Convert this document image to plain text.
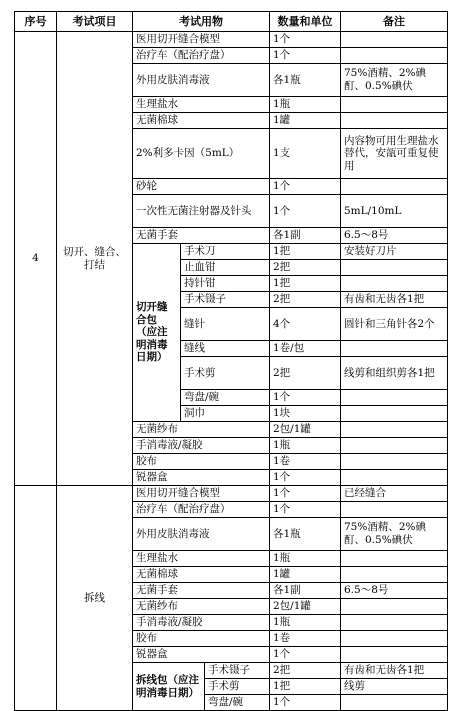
序号	考试项目	考试用物			数量和单位	备注
4	切开、缝合、打结	医用切开缝合模型			1个	
		治疗车（配治疗盘）			1个	
		外用皮肤消毒液			各1瓶	75%酒精、2%碘酊、0.5%碘伏
		生理盐水			1瓶	
		无菌棉球			1罐	
		2%利多卡因（5mL）			1支	内容物可用生理盐水替代，安瓿可重复使用
		砂轮			1个	
		一次性无菌注射器及针头			1个	5mL/10mL
		无菌手套			各1副	6.5～8号
		切开缝合包（应注明消毒日期）	手术刀		1把	安装好刀片
			止血钳		2把	
			持针钳		1把	
			手术镊子		2把	有齿和无齿各1把
			缝针		4个	圆针和三角针各2个
			缝线		1卷/包	
			手术剪		2把	线剪和组织剪各1把
			弯盘/碗		1个	
			洞巾		1块	
		无菌纱布			2包/1罐	
		手消毒液/凝胶			1瓶	
		胶布			1卷	
		锐器盒			1个	
	拆线	医用切开缝合模型			1个	已经缝合
		治疗车（配治疗盘）			1个	
		外用皮肤消毒液			各1瓶	75%酒精、2%碘酊、0.5%碘伏
		生理盐水			1瓶	
		无菌棉球			1罐	
		无菌手套			各1副	6.5～8号
		无菌纱布			2包/1罐	
		手消毒液/凝胶			1瓶	
		胶布			1卷	
		锐器盒			1个	
		拆线包（应注明消毒日期）		手术镊子	2把	有齿和无齿各1把
				手术剪	1把	线剪
				弯盘/碗	1个	
